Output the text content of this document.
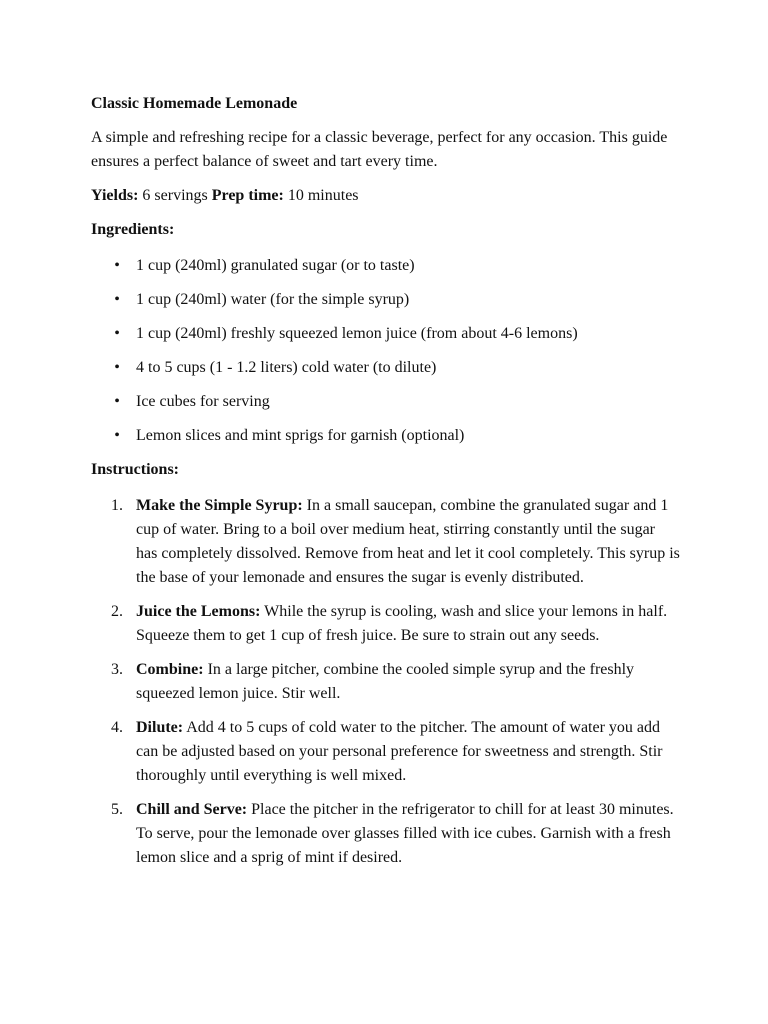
Classic Homemade Lemonade

A simple and refreshing recipe for a classic beverage, perfect for any occasion. This guide ensures a perfect balance of sweet and tart every time.

Yields: 6 servings Prep time: 10 minutes

Ingredients:

• 1 cup (240ml) granulated sugar (or to taste)
• 1 cup (240ml) water (for the simple syrup)
• 1 cup (240ml) freshly squeezed lemon juice (from about 4-6 lemons)
• 4 to 5 cups (1 - 1.2 liters) cold water (to dilute)
• Ice cubes for serving
• Lemon slices and mint sprigs for garnish (optional)

Instructions:

1. Make the Simple Syrup: In a small saucepan, combine the granulated sugar and 1 cup of water. Bring to a boil over medium heat, stirring constantly until the sugar has completely dissolved. Remove from heat and let it cool completely. This syrup is the base of your lemonade and ensures the sugar is evenly distributed.
2. Juice the Lemons: While the syrup is cooling, wash and slice your lemons in half. Squeeze them to get 1 cup of fresh juice. Be sure to strain out any seeds.
3. Combine: In a large pitcher, combine the cooled simple syrup and the freshly squeezed lemon juice. Stir well.
4. Dilute: Add 4 to 5 cups of cold water to the pitcher. The amount of water you add can be adjusted based on your personal preference for sweetness and strength. Stir thoroughly until everything is well mixed.
5. Chill and Serve: Place the pitcher in the refrigerator to chill for at least 30 minutes. To serve, pour the lemonade over glasses filled with ice cubes. Garnish with a fresh lemon slice and a sprig of mint if desired.
